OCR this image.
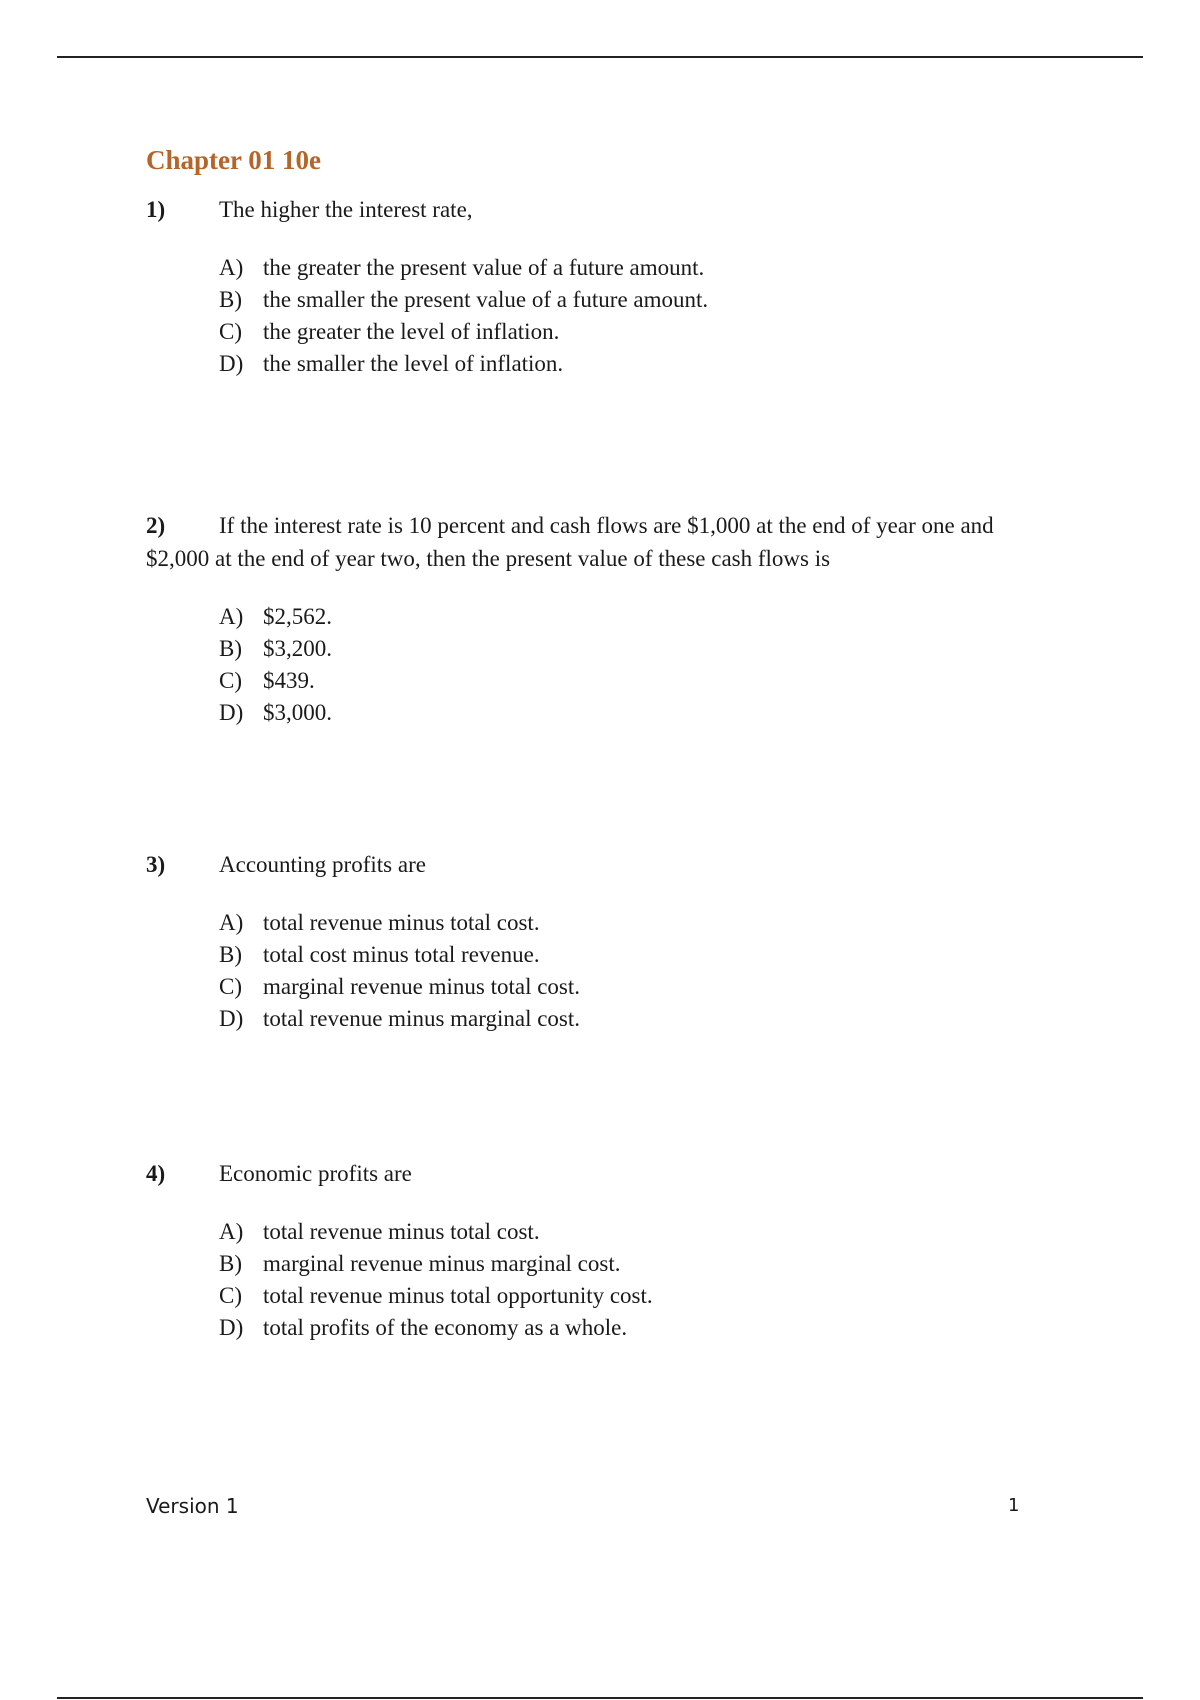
Chapter 01 10e

1) The higher the interest rate,

A) the greater the present value of a future amount.
B) the smaller the present value of a future amount.
C) the greater the level of inflation.
D) the smaller the level of inflation.

2) If the interest rate is 10 percent and cash flows are $1,000 at the end of year one and $2,000 at the end of year two, then the present value of these cash flows is

A) $2,562.
B) $3,200.
C) $439.
D) $3,000.

3) Accounting profits are

A) total revenue minus total cost.
B) total cost minus total revenue.
C) marginal revenue minus total cost.
D) total revenue minus marginal cost.

4) Economic profits are

A) total revenue minus total cost.
B) marginal revenue minus marginal cost.
C) total revenue minus total opportunity cost.
D) total profits of the economy as a whole.
Version 1	1
